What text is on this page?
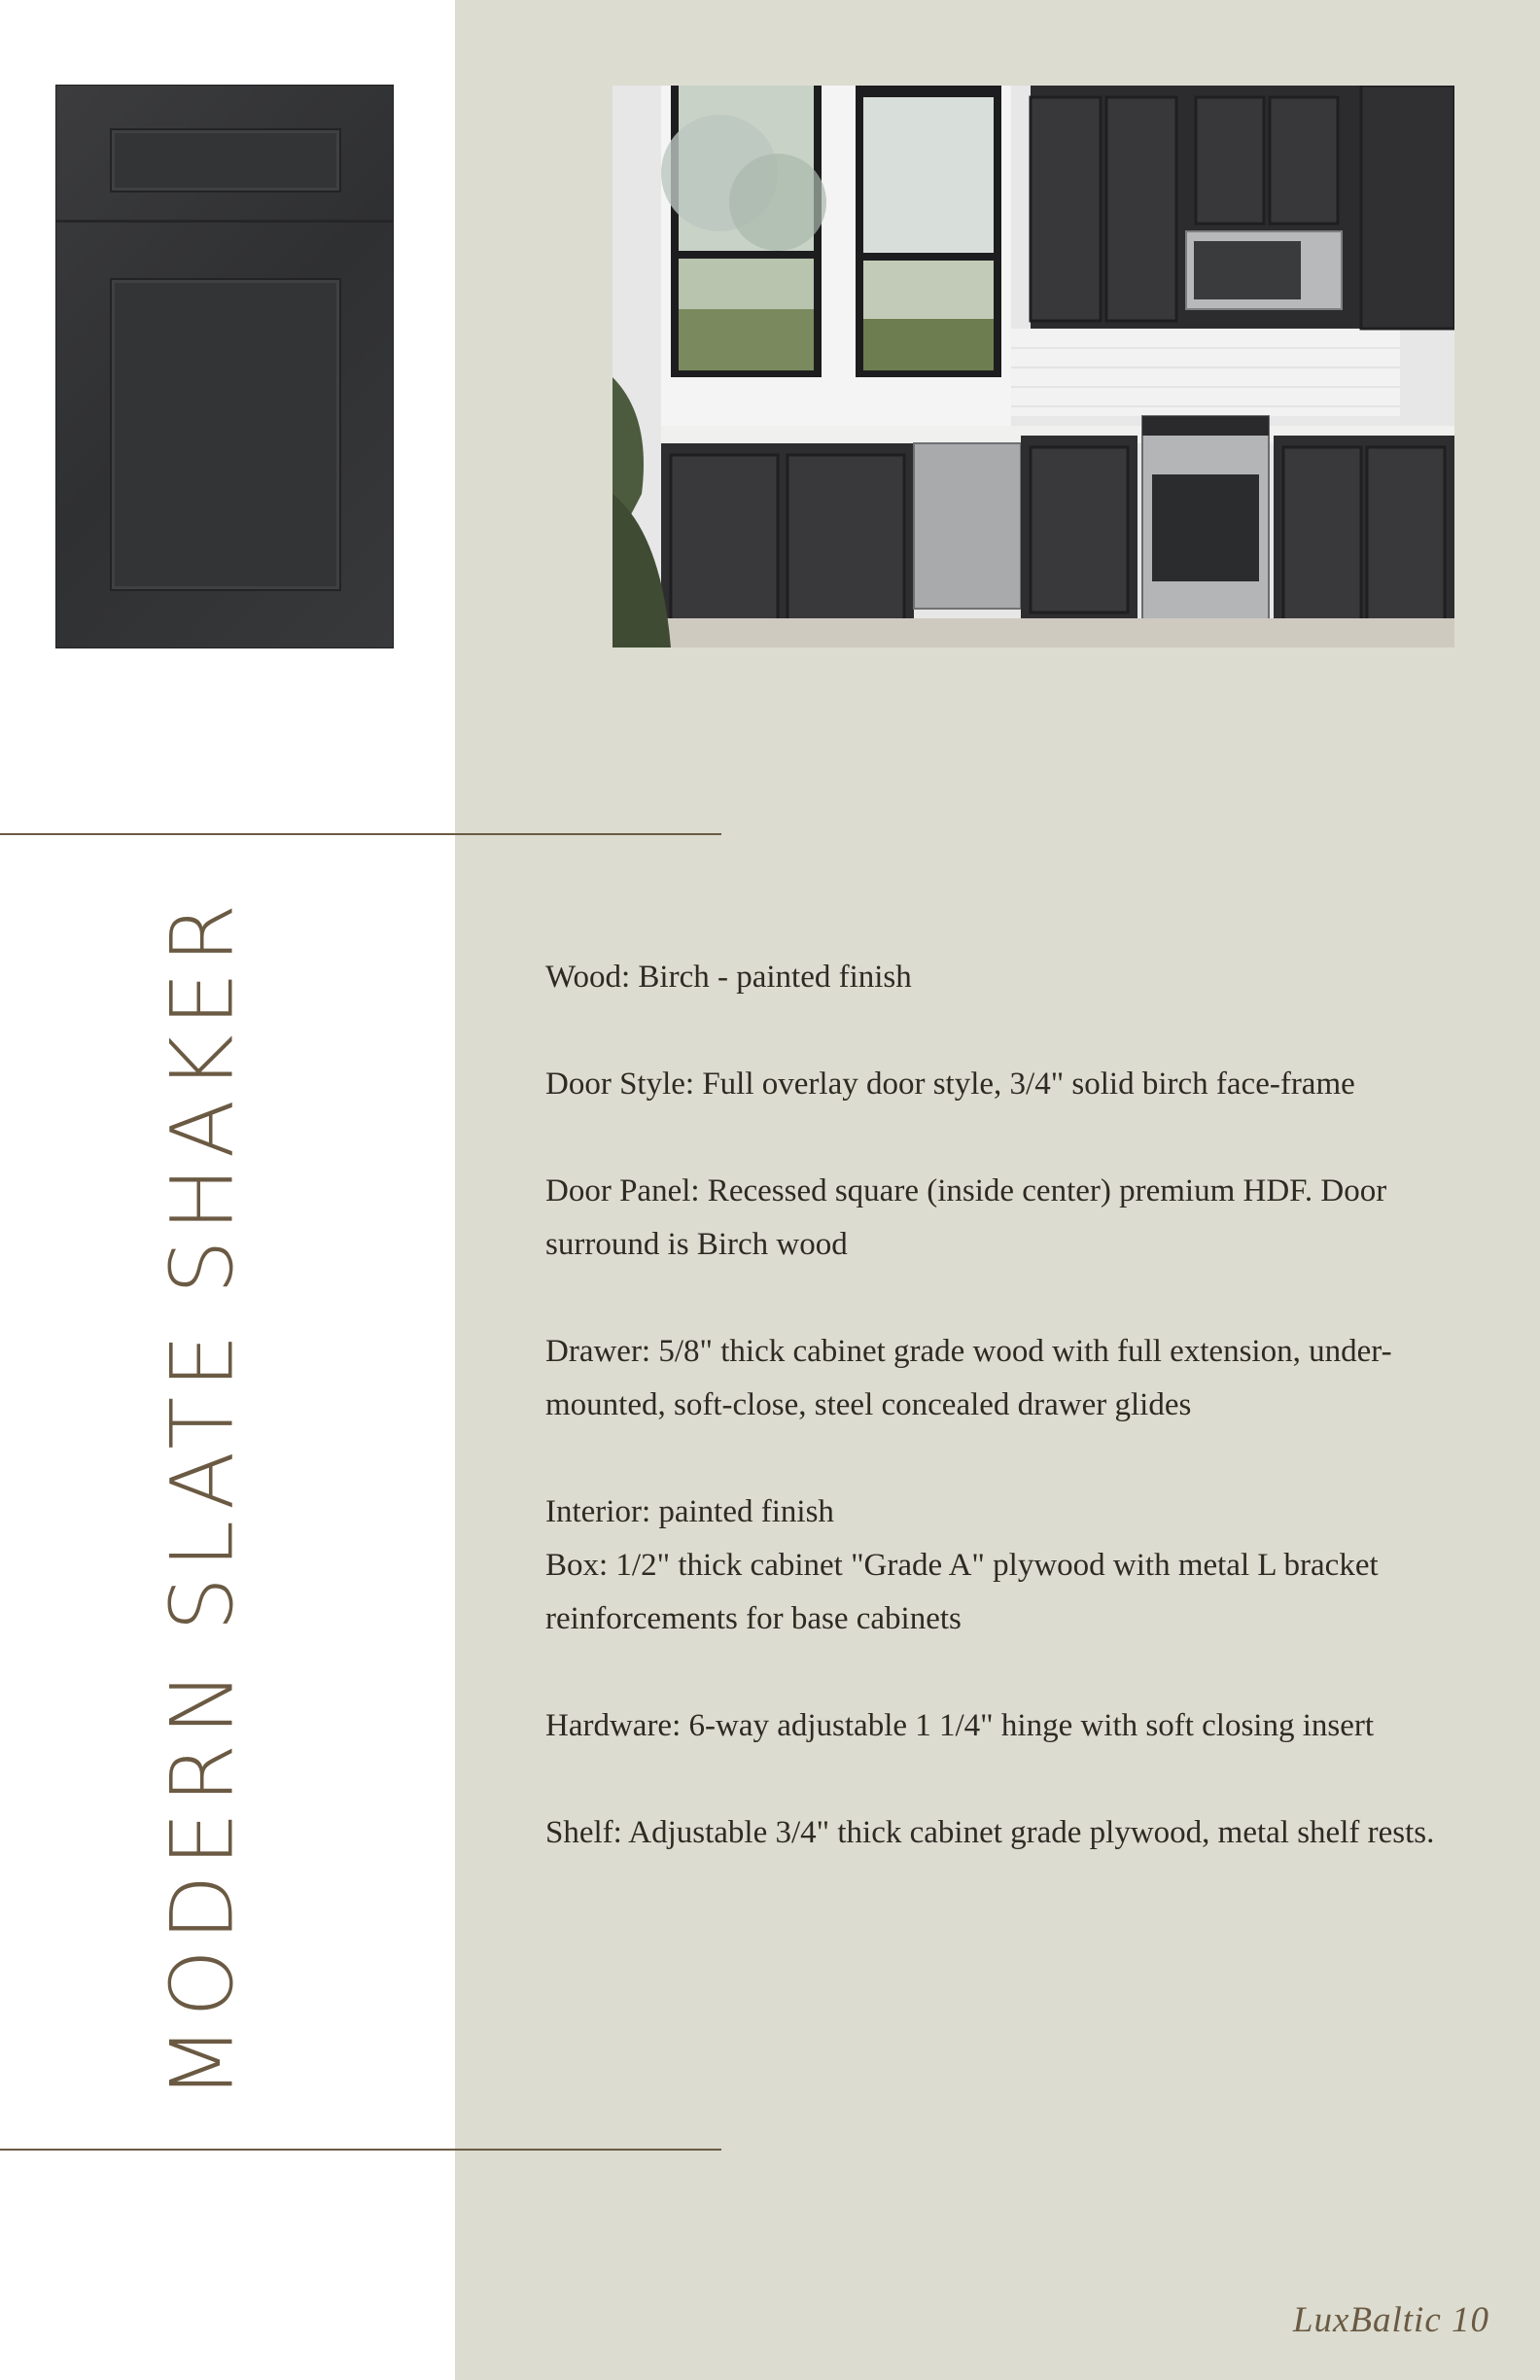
MODERNSLATESHAKER	Wood: Birch - painted finish

Door Style: Full overlay door style, 3/4" solid birch face-frame

Door Panel: Recessed square (inside center) premium HDF. Door surround is Birch wood

Drawer: 5/8" thick cabinet grade wood with full extension, under-mounted, soft-close, steel concealed drawer glides

Interior: painted finish

Box: 1/2" thick cabinet "Grade A" plywood with metal L bracket reinforcements for base cabinets

Hardware: 6-way adjustable 1 1/4" hinge with soft closing insert

Shelf: Adjustable 3/4" thick cabinet grade plywood, metal shelf rests.

LuxBaltic 10
